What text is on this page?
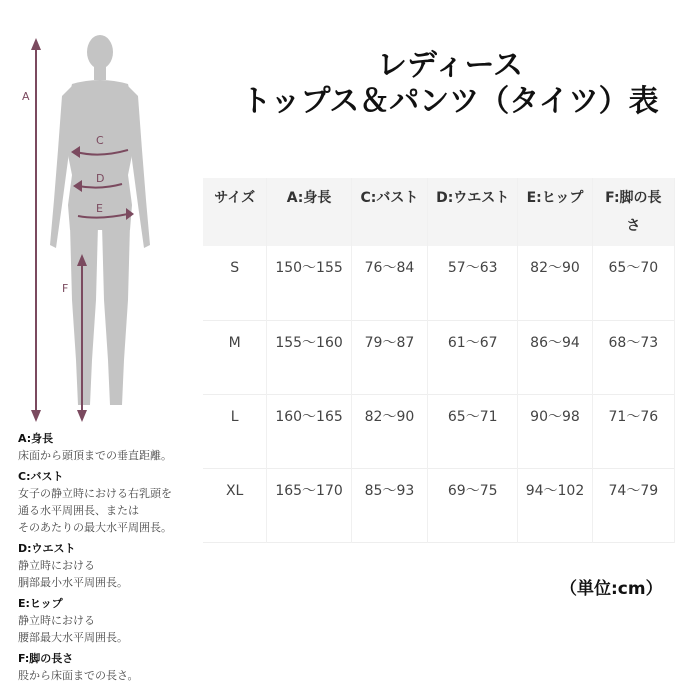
A
C
D
E
F
レディース
トップス＆パンツ（タイツ）表
サイズ	A:身長	C:バスト	D:ウエスト	E:ヒップ	F:脚の長さ
S	150〜155	76〜84	57〜63	82〜90	65〜70
M	155〜160	79〜87	61〜67	86〜94	68〜73
L	160〜165	82〜90	65〜71	90〜98	71〜76
XL	165〜170	85〜93	69〜75	94〜102	74〜79
（単位:cm）
A:身長
床面から頭頂までの垂直距離。
C:バスト
女子の静立時における右乳頭を
通る水平周囲長、または
そのあたりの最大水平周囲長。
D:ウエスト
静立時における
胴部最小水平周囲長。
E:ヒップ
静立時における
腰部最大水平周囲長。
F:脚の長さ
股から床面までの長さ。
